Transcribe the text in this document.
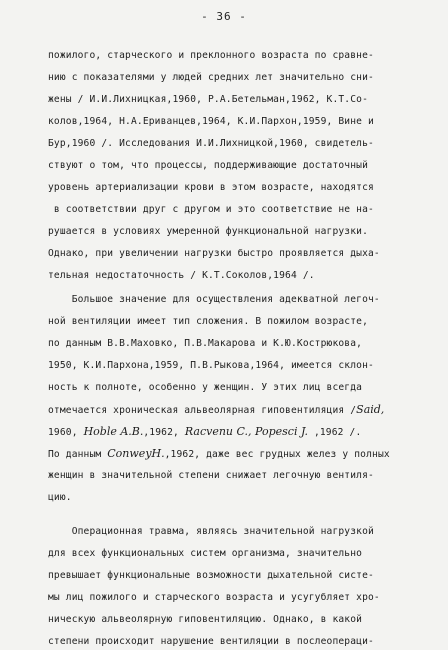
- 36 -
пожилого, старческого и преклонного возраста по сравне-
нию с показателями у людей средних лет значительно сни-
жены / И.И.Лихницкая,1960, Р.А.Бетельман,1962, К.Т.Со-
колов,1964, Н.А.Ериванцев,1964, К.И.Пархон,1959, Вине и
Бур,1960 /. Исследования И.И.Лихницкой,1960, свидетель-
ствуют о том, что процессы, поддерживающие достаточный
уровень артериализации крови в этом возрасте, находятся
в соответствии друг с другом и это соответствие не на-
рушается в условиях умеренной функциональной нагрузки.
Однако, при увеличении нагрузки быстро проявляется дыха-
тельная недостаточность / К.Т.Соколов,1964 /.
Большое значение для осуществления адекватной легоч-
ной вентиляции имеет тип сложения. В пожилом возрасте,
по данным В.В.Маховко, П.В.Макарова и К.Ю.Кострюкова,
1950, К.И.Пархона,1959, П.В.Рыкова,1964, имеется склон-
ность к полноте, особенно у женщин. У этих лиц всегда
отмечается хроническая альвеолярная гиповентиляция /Said,
1960, Hoble A.B.,1962, Racvenu C., Popesci J. ,1962 /.
По данным ConweyH.,1962, даже вес грудных желез у полных
женщин в значительной степени снижает легочную вентиля-
цию.
Операционная травма, являясь значительной нагрузкой
для всех функциональных систем организма, значительно
превышает функциональные возможности дыхательной систе-
мы лиц пожилого и старческого возраста и усугубляет хро-
ническую альвеолярную гиповентиляцию. Однако, в какой
степени происходит нарушение вентиляции в послеопераци-
